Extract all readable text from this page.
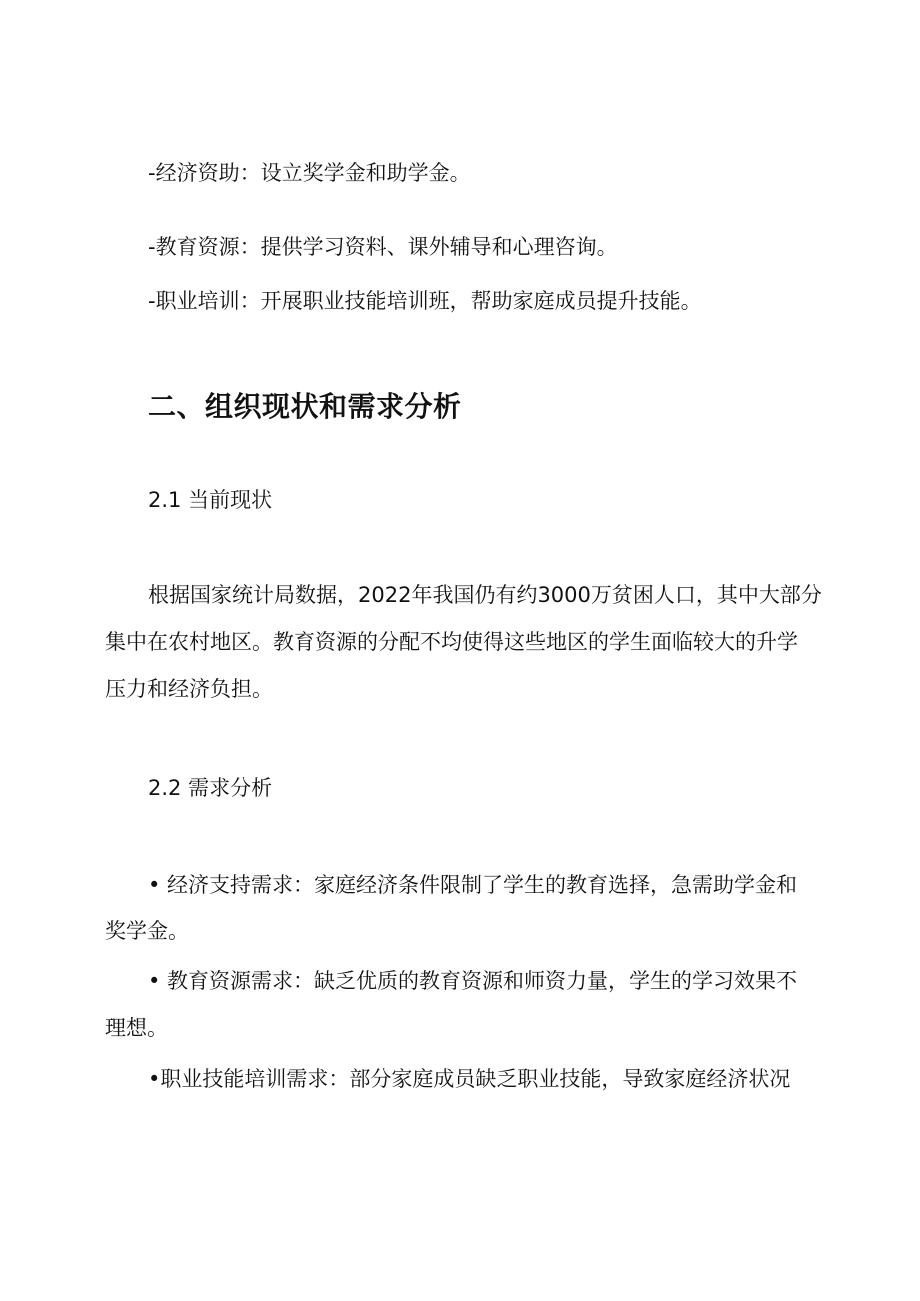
-经济资助：设立奖学金和助学金。

-教育资源：提供学习资料、课外辅导和心理咨询。

-职业培训：开展职业技能培训班，帮助家庭成员提升技能。

二、组织现状和需求分析
2.1 当前现状

根据国家统计局数据，2022年我国仍有约3000万贫困人口，其中大部分

集中在农村地区。教育资源的分配不均使得这些地区的学生面临较大的升学

压力和经济负担。

2.2 需求分析

• 经济支持需求：家庭经济条件限制了学生的教育选择，急需助学金和

奖学金。

• 教育资源需求：缺乏优质的教育资源和师资力量，学生的学习效果不

理想。

•职业技能培训需求：部分家庭成员缺乏职业技能，导致家庭经济状况
